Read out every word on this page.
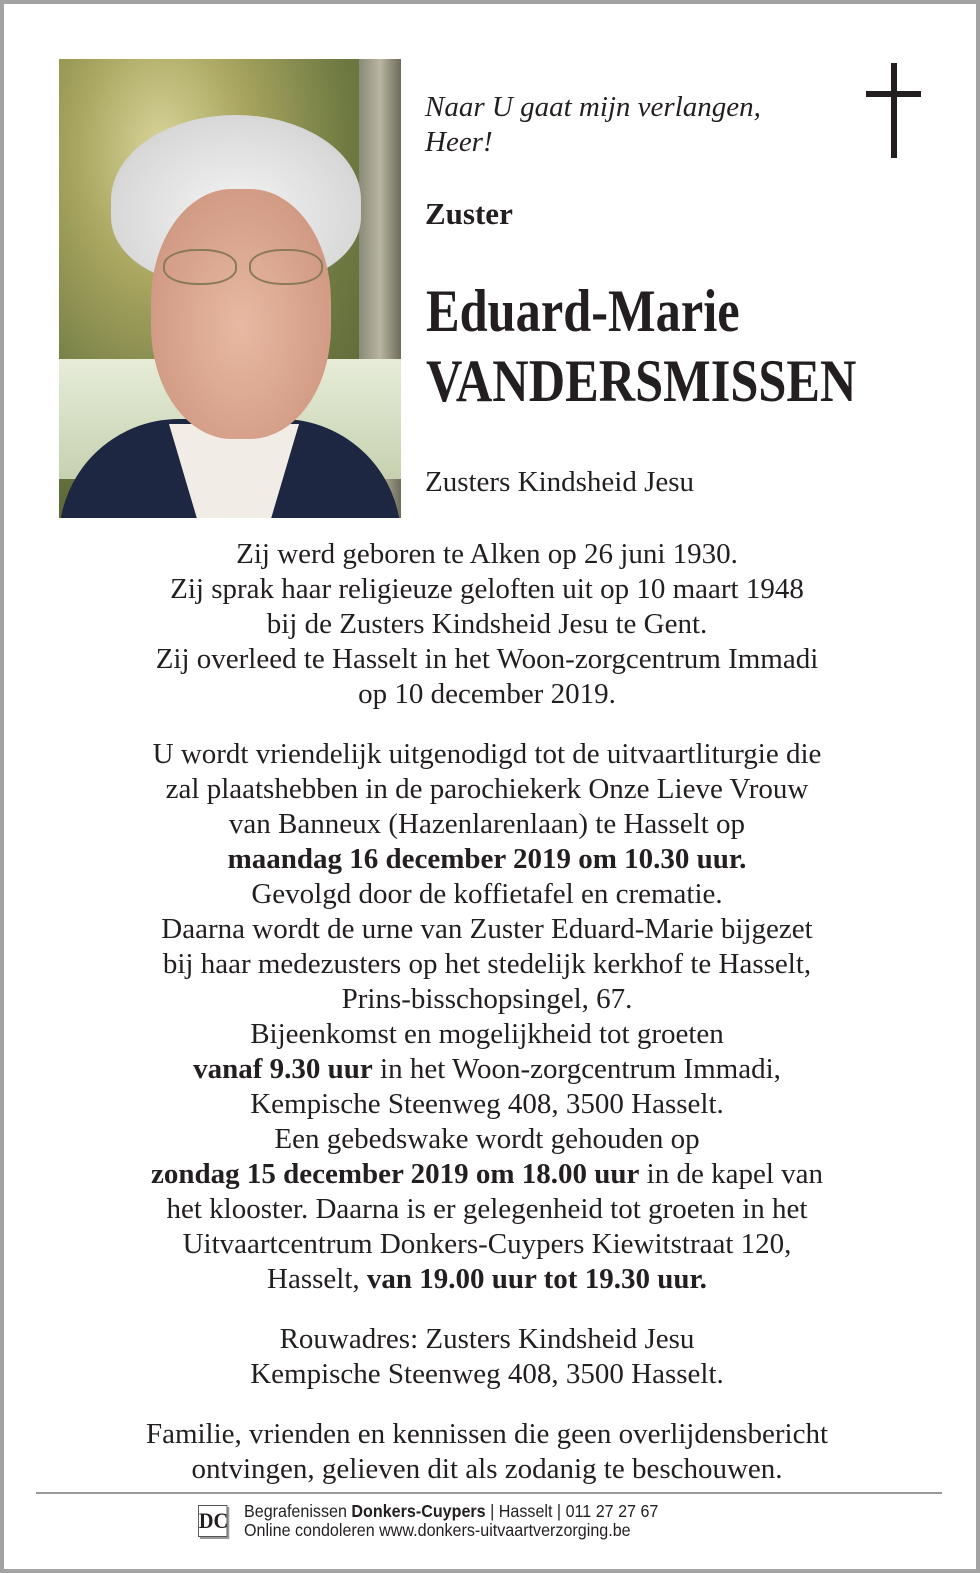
Naar U gaat mijn verlangen,
Heer!
Zuster
Eduard-Marie
VANDERSMISSEN
Zusters Kindsheid Jesu
Zij werd geboren te Alken op 26 juni 1930.
Zij sprak haar religieuze geloften uit op 10 maart 1948
bij de Zusters Kindsheid Jesu te Gent.
Zij overleed te Hasselt in het Woon-zorgcentrum Immadi
op 10 december 2019.
U wordt vriendelijk uitgenodigd tot de uitvaartliturgie die
zal plaatshebben in de parochiekerk Onze Lieve Vrouw
van Banneux (Hazenlarenlaan) te Hasselt op
maandag 16 december 2019 om 10.30 uur.
Gevolgd door de koffietafel en crematie.
Daarna wordt de urne van Zuster Eduard-Marie bijgezet
bij haar medezusters op het stedelijk kerkhof te Hasselt,
Prins-bisschopsingel, 67.
Bijeenkomst en mogelijkheid tot groeten
vanaf 9.30 uur in het Woon-zorgcentrum Immadi,
Kempische Steenweg 408, 3500 Hasselt.
Een gebedswake wordt gehouden op
zondag 15 december 2019 om 18.00 uur in de kapel van
het klooster. Daarna is er gelegenheid tot groeten in het
Uitvaartcentrum Donkers-Cuypers Kiewitstraat 120,
Hasselt, van 19.00 uur tot 19.30 uur.
Rouwadres: Zusters Kindsheid Jesu
Kempische Steenweg 408, 3500 Hasselt.
Familie, vrienden en kennissen die geen overlijdensbericht
ontvingen, gelieven dit als zodanig te beschouwen.
DC Begrafenissen Donkers-Cuypers | Hasselt | 011 27 27 67
Online condoleren www.donkers-uitvaartverzorging.be
